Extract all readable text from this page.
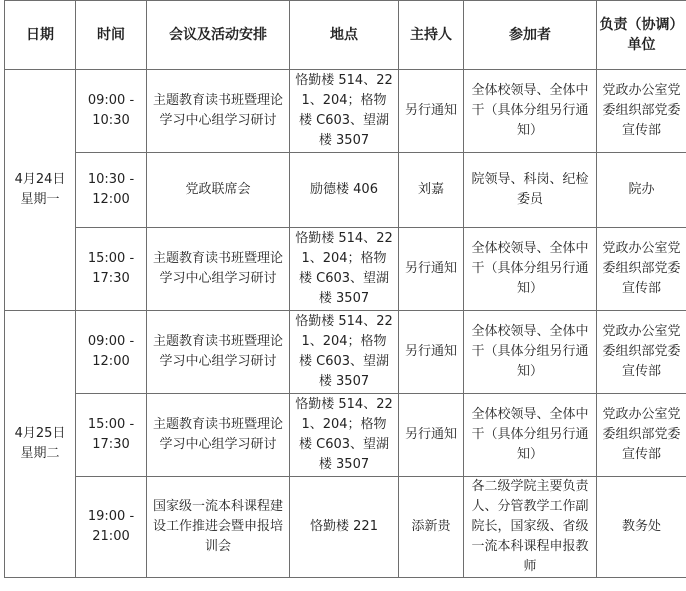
日期	时间	会议及活动安排	地点	主持人	参加者	负责（协调）单位

4月24日
星期一	09:00 -
10:30	主题教育读书班暨理论学习中心组学习研讨	恪勤楼 514、221、204；格物楼 C603、望湖楼 3507	另行通知	全体校领导、全体中干（具体分组另行通知）	党政办公室党委组织部党委宣传部

	10:30 -
12:00	党政联席会	励德楼 406	刘嘉	院领导、科岗、纪检委员	院办

	15:00 -
17:30	主题教育读书班暨理论学习中心组学习研讨	恪勤楼 514、221、204；格物楼 C603、望湖楼 3507	另行通知	全体校领导、全体中干（具体分组另行通知）	党政办公室党委组织部党委宣传部

4月25日
星期二	09:00 -
12:00	主题教育读书班暨理论学习中心组学习研讨	恪勤楼 514、221、204；格物楼 C603、望湖楼 3507	另行通知	全体校领导、全体中干（具体分组另行通知）	党政办公室党委组织部党委宣传部

	15:00 -
17:30	主题教育读书班暨理论学习中心组学习研讨	恪勤楼 514、221、204；格物楼 C603、望湖楼 3507	另行通知	全体校领导、全体中干（具体分组另行通知）	党政办公室党委组织部党委宣传部

	19:00 -
21:00	国家级一流本科课程建设工作推进会暨申报培训会	恪勤楼 221	添新贵	各二级学院主要负责人、分管教学工作副院长，国家级、省级一流本科课程申报教师	教务处
